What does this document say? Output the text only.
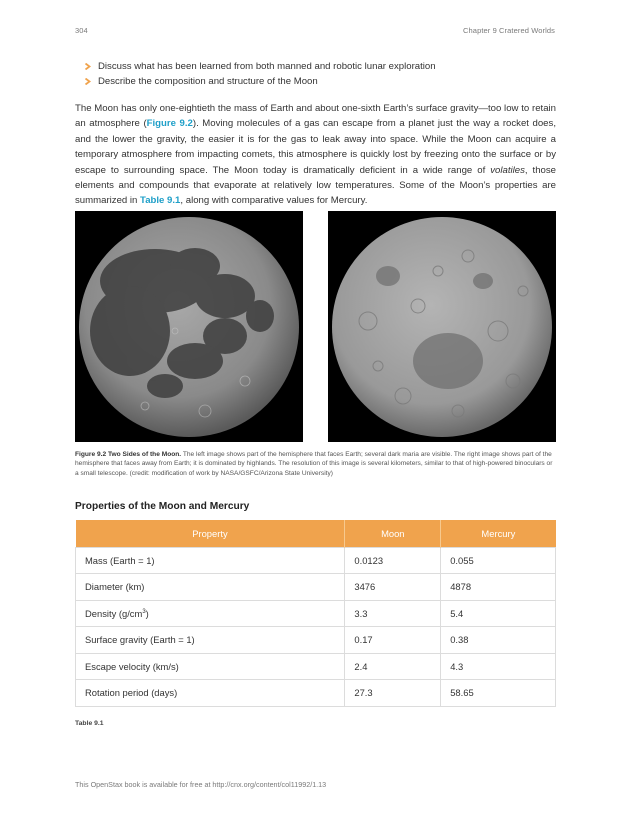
304	Chapter 9 Cratered Worlds
Discuss what has been learned from both manned and robotic lunar exploration
Describe the composition and structure of the Moon

The Moon has only one-eightieth the mass of Earth and about one-sixth Earth’s surface gravity—too low to retain an atmosphere (Figure 9.2). Moving molecules of a gas can escape from a planet just the way a rocket does, and the lower the gravity, the easier it is for the gas to leak away into space. While the Moon can acquire a temporary atmosphere from impacting comets, this atmosphere is quickly lost by freezing onto the surface or by escape to surrounding space. The Moon today is dramatically deficient in a wide range of volatiles, those elements and compounds that evaporate at relatively low temperatures. Some of the Moon’s properties are summarized in Table 9.1, along with comparative values for Mercury.

Figure 9.2 Two Sides of the Moon. The left image shows part of the hemisphere that faces Earth; several dark maria are visible. The right image shows part of the hemisphere that faces away from Earth; it is dominated by highlands. The resolution of this image is several kilometers, similar to that of high-powered binoculars or a small telescope. (credit: modification of work by NASA/GSFC/Arizona State University)

Properties of the Moon and Mercury
Property	Moon	Mercury
Mass (Earth = 1)	0.0123	0.055
Diameter (km)	3476	4878
Density $(g/cm^3)$	3.3	5.4
Surface gravity (Earth = 1)	0.17	0.38
Escape velocity (km/s)	2.4	4.3
Rotation period (days)	27.3	58.65
Table 9.1
This OpenStax book is available for free at http://cnx.org/content/col11992/1.13
